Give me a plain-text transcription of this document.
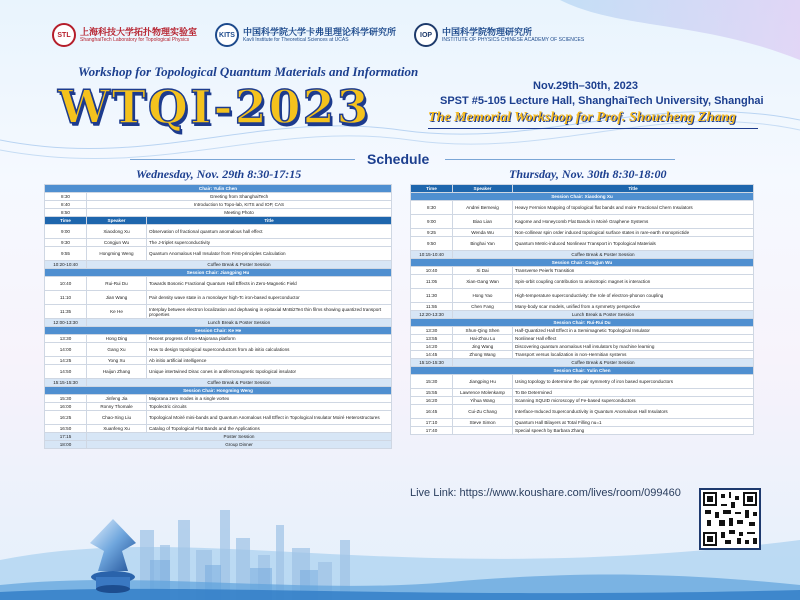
STL	上海科技大学拓扑物理实验室
ShanghaiTech Laboratory for Topological Physics
KITS 中国科学院大学卡弗里理论科学研究所
Kavli Institute for Theoretical Sciences at UCAS
IOP	中国科学院物理研究所
INSTITUTE OF PHYSICS CHINESE ACADEMY OF SCIENCES
Workshop for Topological Quantum Materials and Information
WTQI-2023	Nov.29th–30th, 2023
SPST #5-105 Lecture Hall, ShanghaiTech University, Shanghai
The Memorial Workshop for Prof. Shoucheng Zhang
Schedule
Wednesday, Nov. 29th 8:30-17:15	Thursday, Nov. 30th 8:30-18:00
Chair: Yulin Chen		
8:30	Greeting from ShanghaiTech	
8:40	Introduction to Topo-lab, KITS and IOP, CAS	
8:50	Meeting Photo	
Time	Speaker	Title
9:00	Xiaodong Xu	Observation of fractional quantum anomalous hall effect
9:30	Congjun Wu	The J-triplet superconductivity
9:55	Hongming Weng	Quantum Anomalous Hall Insulator from First-principles Calculation
10:20-10:40	Coffee Break & Poster Session	
Session Chair: Jiangping Hu		
10:40	Rui-Rui Du	Towards Bosonic Fractional Quantum Hall Effects in Zero-Magnetic Field
11:10	Jian Wang	Pair density wave state in a monolayer high-Tc iron-based superconductor
11:35	Ke He	Interplay between electron localization and dephasing in epitaxial MnBi2Te4 thin films showing quantized transport properties
12:00-13:30	Lunch Break & Poster Session	
Session Chair: Ke He		
13:30	Hong Ding	Recent progress of Iron-Majorana platform
14:00	Gang Xu	How to design topological superconductors from ab initio calculations
14:25	Yong Xu	Ab initio artificial intelligence
14:50	Haijun Zhang	Unique intertwined Dirac cones in antiferromagnetic topological insulator
15:15-15:30	Coffee Break & Poster Session	
Session Chair: Hongming Weng		
15:30	Jinfeng Jia	Majorana zero modes in a single vortex
16:00	Ronny Thomale	Topolectric circuits
16:25	Chao-Xing Liu	Topological Moiré mini-bands and Quantum Anomalous Hall Effect in Topological Insulator Moiré Heterostructures
16:50	Xuanfeng Xu	Catalog of Topological Flat Bands and the Applications
17:15	Poster Session	
18:00	Group Dinner	
Time	Speaker	Title
Session Chair: Xiaodong Xu		
8:30	Andrei Bernevig	Heavy Fermion Mapping of topological flat bands and moire Fractional Chern Insulators
9:00	Biao Lian	Kagome and Honeycomb Flat Bands in Moiré Graphene Systems
9:25	Wenda Wu	Non-collinear spin order induced topological surface states in rare-earth monopnictide
9:50	Binghai Yan	Quantum Metric-induced Nonlinear Transport in Topological Materials
10:15-10:40	Coffee Break & Poster Session	
Session Chair: Congjun Wu		
10:40	Xi Dai	Transverse Peierls Transition
11:05	Xian-Gang Wan	Spin-orbit coupling contribution to anisotropic magnet is interaction
11:30	Hong Yao	High-temperature superconductivity: the role of electron-phonon coupling
11:55	Chen Fang	Many-body scar models, unified from a symmetry perspective
12:20-13:30	Lunch Break & Poster Session	
Session Chair: Rui-Rui Du		
13:30	Shun-Qing Shen	Half-Quantized Hall Effect in a Semimagnetic Topological Insulator
13:55	Hai-Zhou Lu	Nonlinear Hall effect
14:20	Jing Wang	Discovering quantum anomalous Hall insulators by machine learning
14:45	Zhong Wang	Transport versus localization in non-Hermitian systems
15:10-15:30	Coffee Break & Poster Session	
Session Chair: Yulin Chen		
15:30	Jiangping Hu	Using topology to determine the pair symmetry of iron based superconductors
15:55	Lawrence Molenkamp	To Be Determined
16:20	Yihua Wang	Scanning SQUID microscopy of Fe-based superconductors
16:45	Cui-Zu Chang	Interface-Induced Superconductivity in Quantum Anomalous Hall Insulators
17:10	Steve Simon	Quantum Hall Bilayers at Total Filling nu=1
17:40		Special speech by Barbara Zhang
Live Link: https://www.koushare.com/lives/room/099460
